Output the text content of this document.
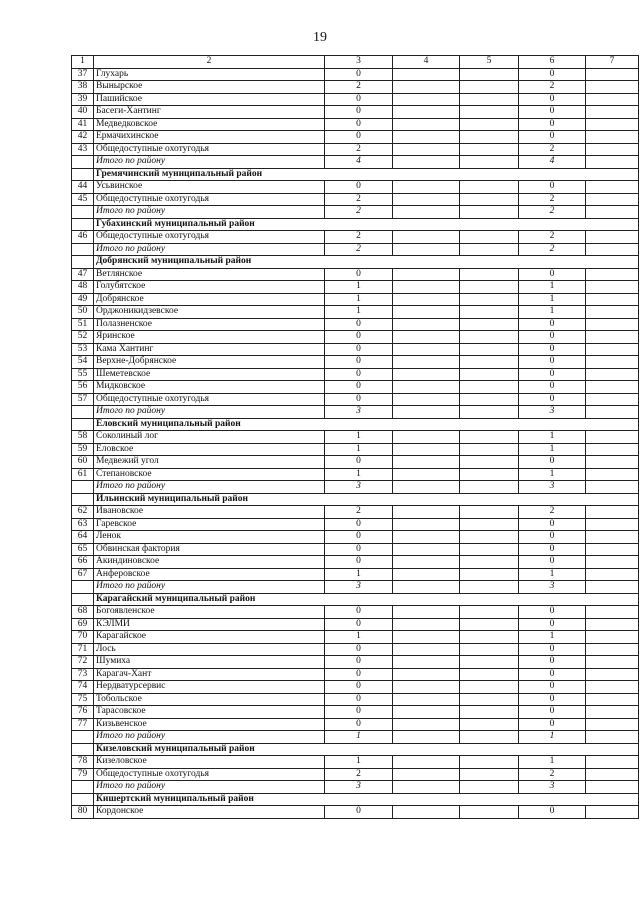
19
1	2	3	4	5	6	7
37	Глухарь	0			0	
38	Вынырское	2			2	
39	Пашийское	0			0	
40	Басеги-Хантинг	0			0	
41	Медведковское	0			0	
42	Ермачихинское	0			0	
43	Общедоступные охотугодья	2			2	
	Итого по району	4			4	
	Гремячинский муниципальный район					
44	Усьвинское	0			0	
45	Общедоступные охотугодья	2			2	
	Итого по району	2			2	
	Губахинский муниципальный район					
46	Общедоступные охотугодья	2			2	
	Итого по району	2			2	
	Добрянский муниципальный район					
47	Ветлянское	0			0	
48	Голубятское	1			1	
49	Добрянское	1			1	
50	Орджоникидзевское	1			1	
51	Полазненское	0			0	
52	Яринское	0			0	
53	Кама Хантинг	0			0	
54	Верхне-Добрянское	0			0	
55	Шеметевское	0			0	
56	Мидковское	0			0	
57	Общедоступные охотугодья	0			0	
	Итого по району	3			3	
	Еловский муниципальный район					
58	Соколиный лог	1			1	
59	Еловское	1			1	
60	Медвежий угол	0			0	
61	Степановское	1			1	
	Итого по району	3			3	
	Ильинский муниципальный район					
62	Ивановское	2			2	
63	Гаревское	0			0	
64	Ленок	0			0	
65	Обвинская фактория	0			0	
66	Акиндиновское	0			0	
67	Анферовское	1			1	
	Итого по району	3			3	
	Карагайский муниципальный район					
68	Богоявленское	0			0	
69	КЭЛМИ	0			0	
70	Карагайское	1			1	
71	Лось	0			0	
72	Шумиха	0			0	
73	Карагач-Хант	0			0	
74	Нердватурсервис	0			0	
75	Тобольское	0			0	
76	Тарасовское	0			0	
77	Кизьвенское	0			0	
	Итого по району	1			1	
	Кизеловский муниципальный район					
78	Кизеловское	1			1	
79	Общедоступные охотугодья	2			2	
	Итого по району	3			3	
	Кишертский муниципальный район					
80	Кордонское	0			0	
